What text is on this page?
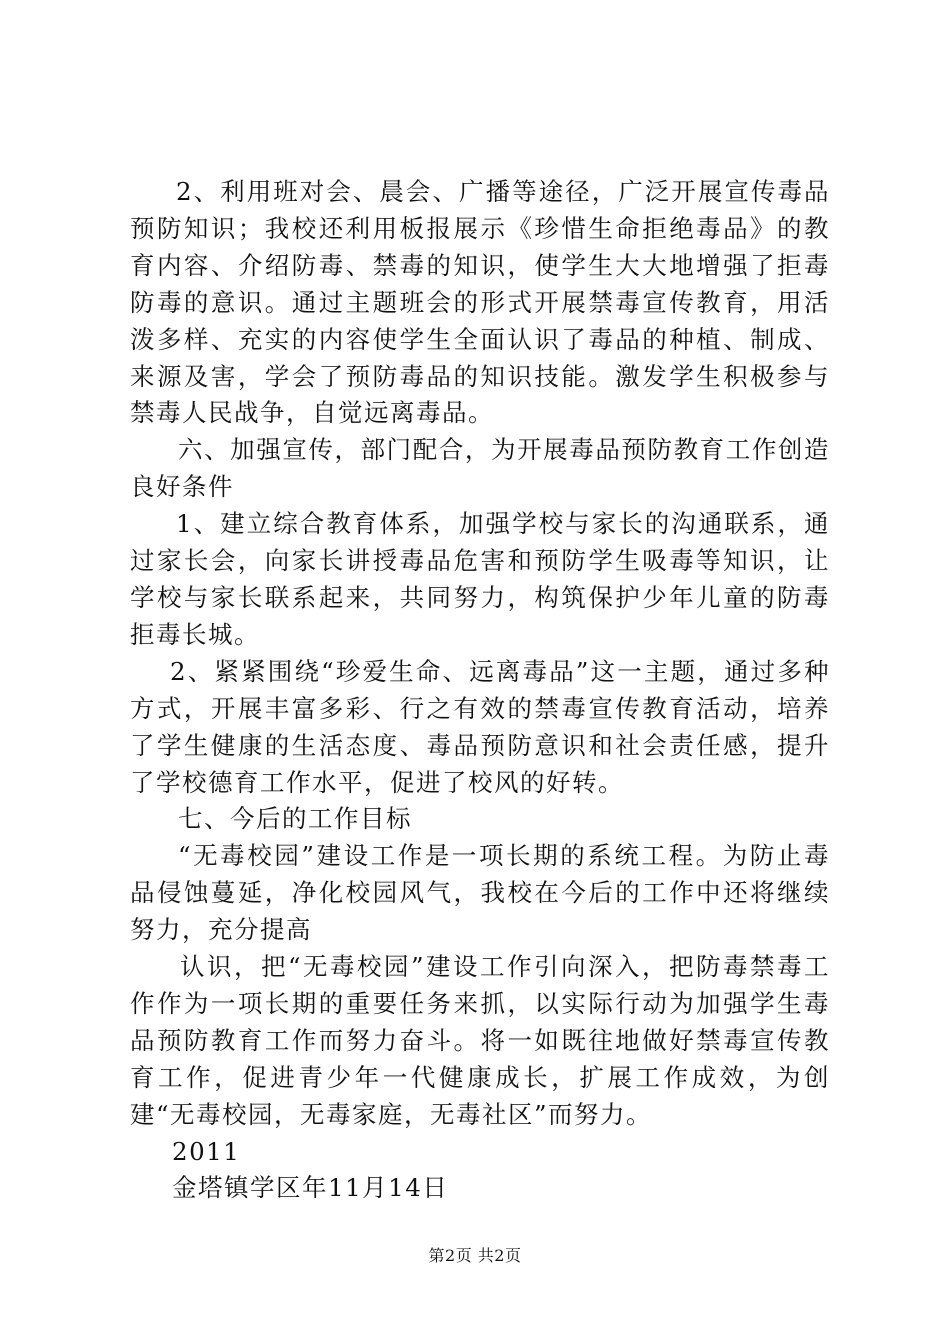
2、利用班对会、晨会、广播等途径，广泛开展宣传毒品预防知识；我校还利用板报展示《珍惜生命拒绝毒品》的教育内容、介绍防毒、禁毒的知识，使学生大大地增强了拒毒防毒的意识。通过主题班会的形式开展禁毒宣传教育，用活泼多样、充实的内容使学生全面认识了毒品的种植、制成、来源及害，学会了预防毒品的知识技能。激发学生积极参与禁毒人民战争，自觉远离毒品。

六、加强宣传，部门配合，为开展毒品预防教育工作创造良好条件

1、建立综合教育体系，加强学校与家长的沟通联系，通过家长会，向家长讲授毒品危害和预防学生吸毒等知识，让学校与家长联系起来，共同努力，构筑保护少年儿童的防毒拒毒长城。

2、紧紧围绕“珍爱生命、远离毒品”这一主题，通过多种方式，开展丰富多彩、行之有效的禁毒宣传教育活动，培养了学生健康的生活态度、毒品预防意识和社会责任感，提升了学校德育工作水平，促进了校风的好转。

七、今后的工作目标

“无毒校园”建设工作是一项长期的系统工程。为防止毒品侵蚀蔓延，净化校园风气，我校在今后的工作中还将继续努力，充分提高

认识，把“无毒校园”建设工作引向深入，把防毒禁毒工作作为一项长期的重要任务来抓，以实际行动为加强学生毒品预防教育工作而努力奋斗。将一如既往地做好禁毒宣传教育工作，促进青少年一代健康成长，扩展工作成效，为创建“无毒校园，无毒家庭，无毒社区”而努力。

2011

金塔镇学区年11月14日

第2页 共2页
